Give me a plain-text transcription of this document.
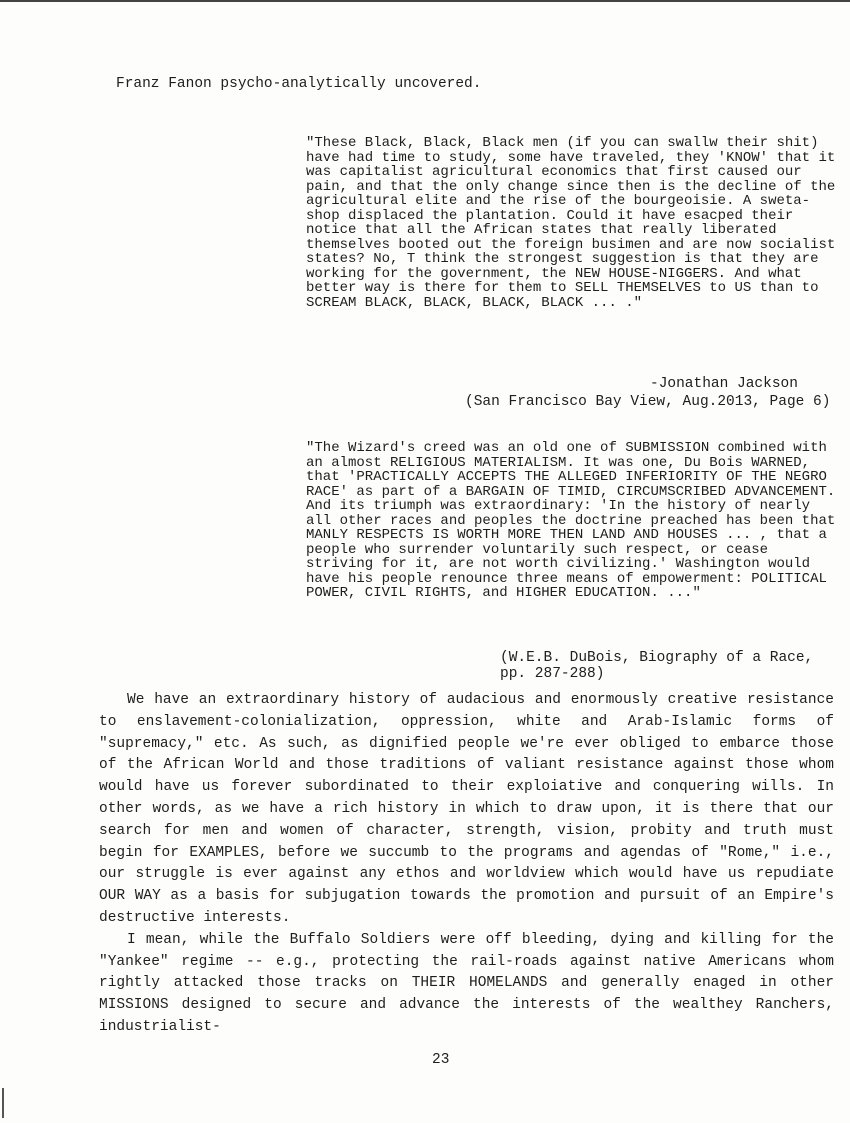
Franz Fanon psycho-analytically uncovered.

"These Black, Black, Black men (if you can swallw their shit) have had time to study, some have traveled, they 'KNOW' that it was capitalist agricultural economics that first caused our pain, and that the only change since then is the decline of the agricultural elite and the rise of the bourgeoisie. A sweta-shop displaced the plantation. Could it have esacped their notice that all the African states that really liberated themselves booted out the foreign busimen and are now socialist states? No, T think the strongest suggestion is that they are working for the government, the NEW HOUSE-NIGGERS. And what better way is there for them to SELL THEMSELVES to US than to SCREAM BLACK, BLACK, BLACK, BLACK ... ."

-Jonathan Jackson
(San Francisco Bay View, Aug.2013, Page 6)

"The Wizard's creed was an old one of SUBMISSION combined with an almost RELIGIOUS MATERIALISM. It was one, Du Bois WARNED, that 'PRACTICALLY ACCEPTS THE ALLEGED INFERIORITY OF THE NEGRO RACE' as part of a BARGAIN OF TIMID, CIRCUMSCRIBED ADVANCEMENT. And its triumph was extraordinary: 'In the history of nearly all other races and peoples the doctrine preached has been that MANLY RESPECTS IS WORTH MORE THEN LAND AND HOUSES ... , that a people who surrender voluntarily such respect, or cease striving for it, are not worth civilizing.' Washington would have his people renounce three means of empowerment: POLITICAL POWER, CIVIL RIGHTS, and HIGHER EDUCATION. ..."

(W.E.B. DuBois, Biography of a Race, pp. 287-288)

We have an extraordinary history of audacious and enormously creative resistance to enslavement-colonialization, oppression, white and Arab-Islamic forms of "supremacy," etc. As such, as dignified people we're ever obliged to embarce those of the African World and those traditions of valiant resistance against those whom would have us forever subordinated to their exploiative and conquering wills. In other words, as we have a rich history in which to draw upon, it is there that our search for men and women of character, strength, vision, probity and truth must begin for EXAMPLES, before we succumb to the programs and agendas of "Rome," i.e., our struggle is ever against any ethos and worldview which would have us repudiate OUR WAY as a basis for subjugation towards the promotion and pursuit of an Empire's destructive interests.

I mean, while the Buffalo Soldiers were off bleeding, dying and killing for the "Yankee" regime -- e.g., protecting the rail-roads against native Americans whom rightly attacked those tracks on THEIR HOMELANDS and generally enaged in other MISSIONS designed to secure and advance the interests of the wealthey Ranchers, industrialist-

23
